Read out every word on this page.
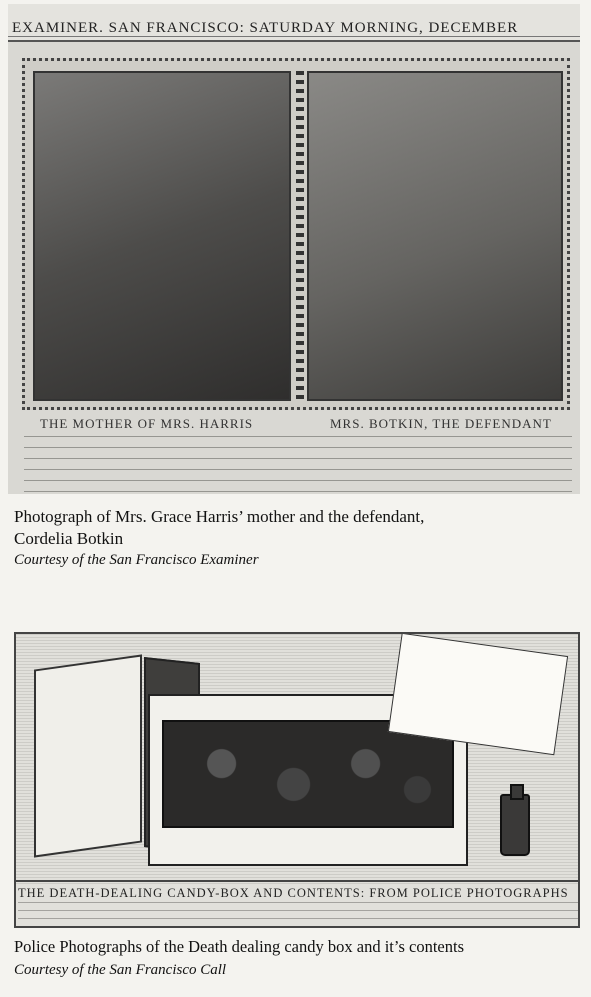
EXAMINER. SAN FRANCISCO: SATURDAY MORNING, DECEMBER
THE MOTHER OF MRS. HARRIS	MRS. BOTKIN, THE DEFENDANT
Photograph of Mrs. Grace Harris’ mother and the defendant,
Cordelia Botkin
Courtesy of the San Francisco Examiner
THE DEATH-DEALING CANDY-BOX AND CONTENTS: FROM POLICE PHOTOGRAPHS
Police Photographs of the Death dealing candy box and it’s contents
Courtesy of the San Francisco Call
